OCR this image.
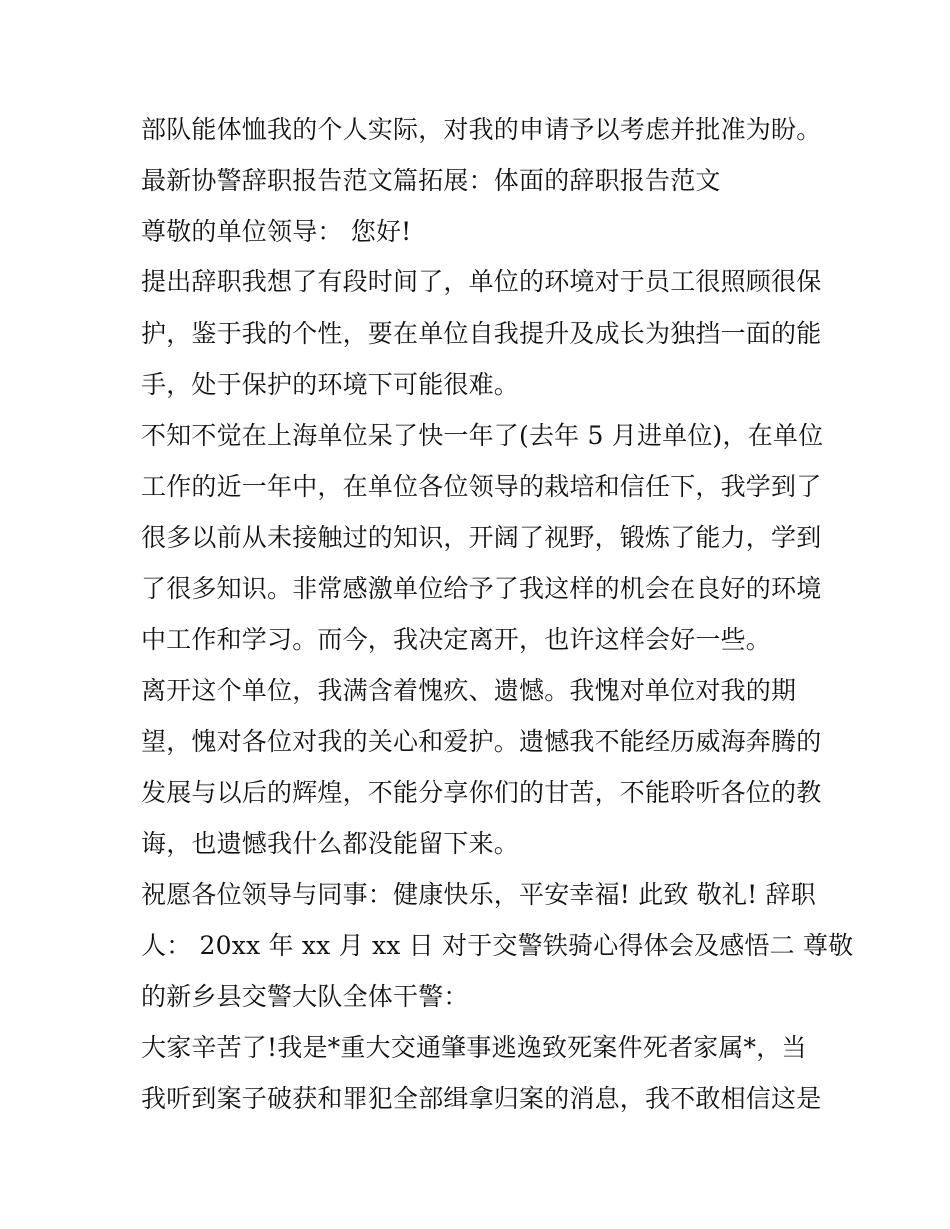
部队能体恤我的个人实际，对我的申请予以考虑并批准为盼。
最新协警辞职报告范文篇拓展：体面的辞职报告范文
尊敬的单位领导： 您好!
提出辞职我想了有段时间了，单位的环境对于员工很照顾很保
护，鉴于我的个性，要在单位自我提升及成长为独挡一面的能
手，处于保护的环境下可能很难。
不知不觉在上海单位呆了快一年了(去年 5 月进单位)，在单位
工作的近一年中，在单位各位领导的栽培和信任下，我学到了
很多以前从未接触过的知识，开阔了视野，锻炼了能力，学到
了很多知识。非常感激单位给予了我这样的机会在良好的环境
中工作和学习。而今，我决定离开，也许这样会好一些。
离开这个单位，我满含着愧疚、遗憾。我愧对单位对我的期
望，愧对各位对我的关心和爱护。遗憾我不能经历威海奔腾的
发展与以后的辉煌，不能分享你们的甘苦，不能聆听各位的教
诲，也遗憾我什么都没能留下来。
祝愿各位领导与同事：健康快乐，平安幸福! 此致 敬礼! 辞职
人： 20xx 年 xx 月 xx 日 对于交警铁骑心得体会及感悟二 尊敬
的新乡县交警大队全体干警：
大家辛苦了!我是*重大交通肇事逃逸致死案件死者家属*，当
我听到案子破获和罪犯全部缉拿归案的消息，我不敢相信这是
